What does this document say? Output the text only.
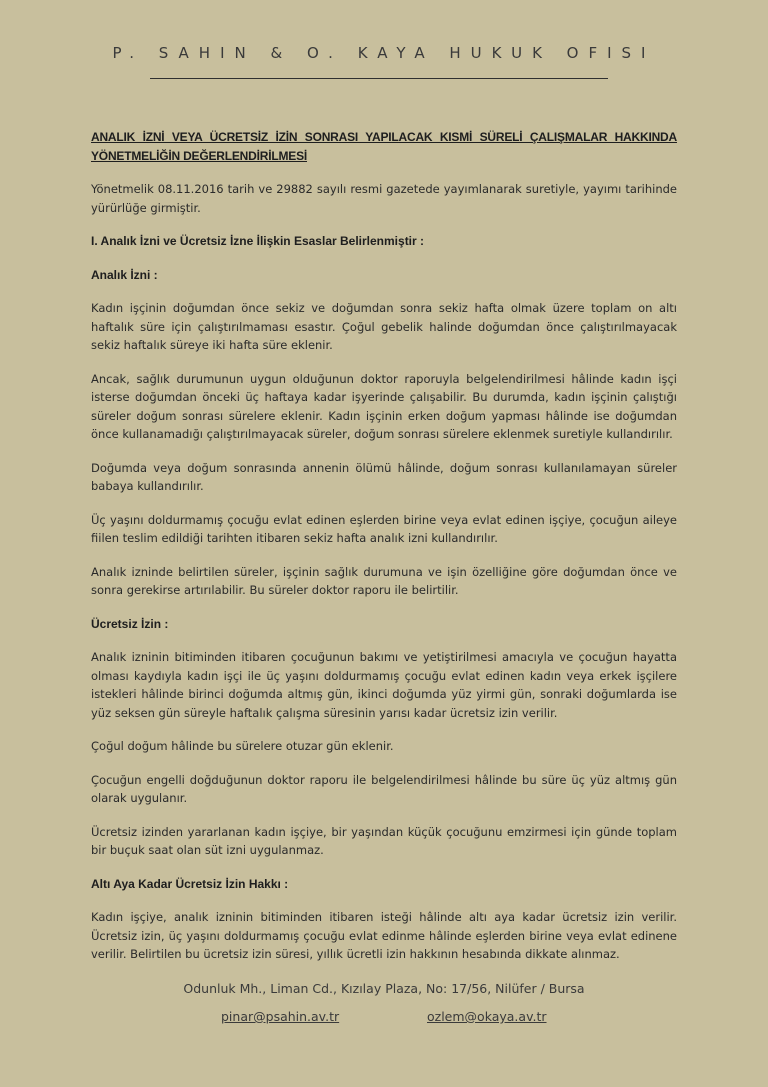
P. SAHIN & O. KAYA HUKUK OFISI

ANALIK İZNİ VEYA ÜCRETSİZ İZİN SONRASI YAPILACAK KISMİ SÜRELİ ÇALIŞMALAR HAKKINDA YÖNETMELİĞİN DEĞERLENDİRİLMESİ

Yönetmelik 08.11.2016 tarih ve 29882 sayılı resmi gazetede yayımlanarak suretiyle, yayımı tarihinde yürürlüğe girmiştir.

I. Analık İzni ve Ücretsiz İzne İlişkin Esaslar Belirlenmiştir :

Analık İzni :

Kadın işçinin doğumdan önce sekiz ve doğumdan sonra sekiz hafta olmak üzere toplam on altı haftalık süre için çalıştırılmaması esastır. Çoğul gebelik halinde doğumdan önce çalıştırılmayacak sekiz haftalık süreye iki hafta süre eklenir.

Ancak, sağlık durumunun uygun olduğunun doktor raporuyla belgelendirilmesi hâlinde kadın işçi isterse doğumdan önceki üç haftaya kadar işyerinde çalışabilir. Bu durumda, kadın işçinin çalıştığı süreler doğum sonrası sürelere eklenir. Kadın işçinin erken doğum yapması hâlinde ise doğumdan önce kullanamadığı çalıştırılmayacak süreler, doğum sonrası sürelere eklenmek suretiyle kullandırılır.

Doğumda veya doğum sonrasında annenin ölümü hâlinde, doğum sonrası kullanılamayan süreler babaya kullandırılır.

Üç yaşını doldurmamış çocuğu evlat edinen eşlerden birine veya evlat edinen işçiye, çocuğun aileye fiilen teslim edildiği tarihten itibaren sekiz hafta analık izni kullandırılır.

Analık izninde belirtilen süreler, işçinin sağlık durumuna ve işin özelliğine göre doğumdan önce ve sonra gerekirse artırılabilir. Bu süreler doktor raporu ile belirtilir.

Ücretsiz İzin :

Analık izninin bitiminden itibaren çocuğunun bakımı ve yetiştirilmesi amacıyla ve çocuğun hayatta olması kaydıyla kadın işçi ile üç yaşını doldurmamış çocuğu evlat edinen kadın veya erkek işçilere istekleri hâlinde birinci doğumda altmış gün, ikinci doğumda yüz yirmi gün, sonraki doğumlarda ise yüz seksen gün süreyle haftalık çalışma süresinin yarısı kadar ücretsiz izin verilir.

Çoğul doğum hâlinde bu sürelere otuzar gün eklenir.

Çocuğun engelli doğduğunun doktor raporu ile belgelendirilmesi hâlinde bu süre üç yüz altmış gün olarak uygulanır.

Ücretsiz izinden yararlanan kadın işçiye, bir yaşından küçük çocuğunu emzirmesi için günde toplam bir buçuk saat olan süt izni uygulanmaz.

Altı Aya Kadar Ücretsiz İzin Hakkı :

Kadın işçiye, analık izninin bitiminden itibaren isteği hâlinde altı aya kadar ücretsiz izin verilir. Ücretsiz izin, üç yaşını doldurmamış çocuğu evlat edinme hâlinde eşlerden birine veya evlat edinene verilir. Belirtilen bu ücretsiz izin süresi, yıllık ücretli izin hakkının hesabında dikkate alınmaz.

Odunluk Mh., Liman Cd., Kızılay Plaza, No: 17/56, Nilüfer / Bursa
pinar@psahin.av.tr	ozlem@okaya.av.tr
